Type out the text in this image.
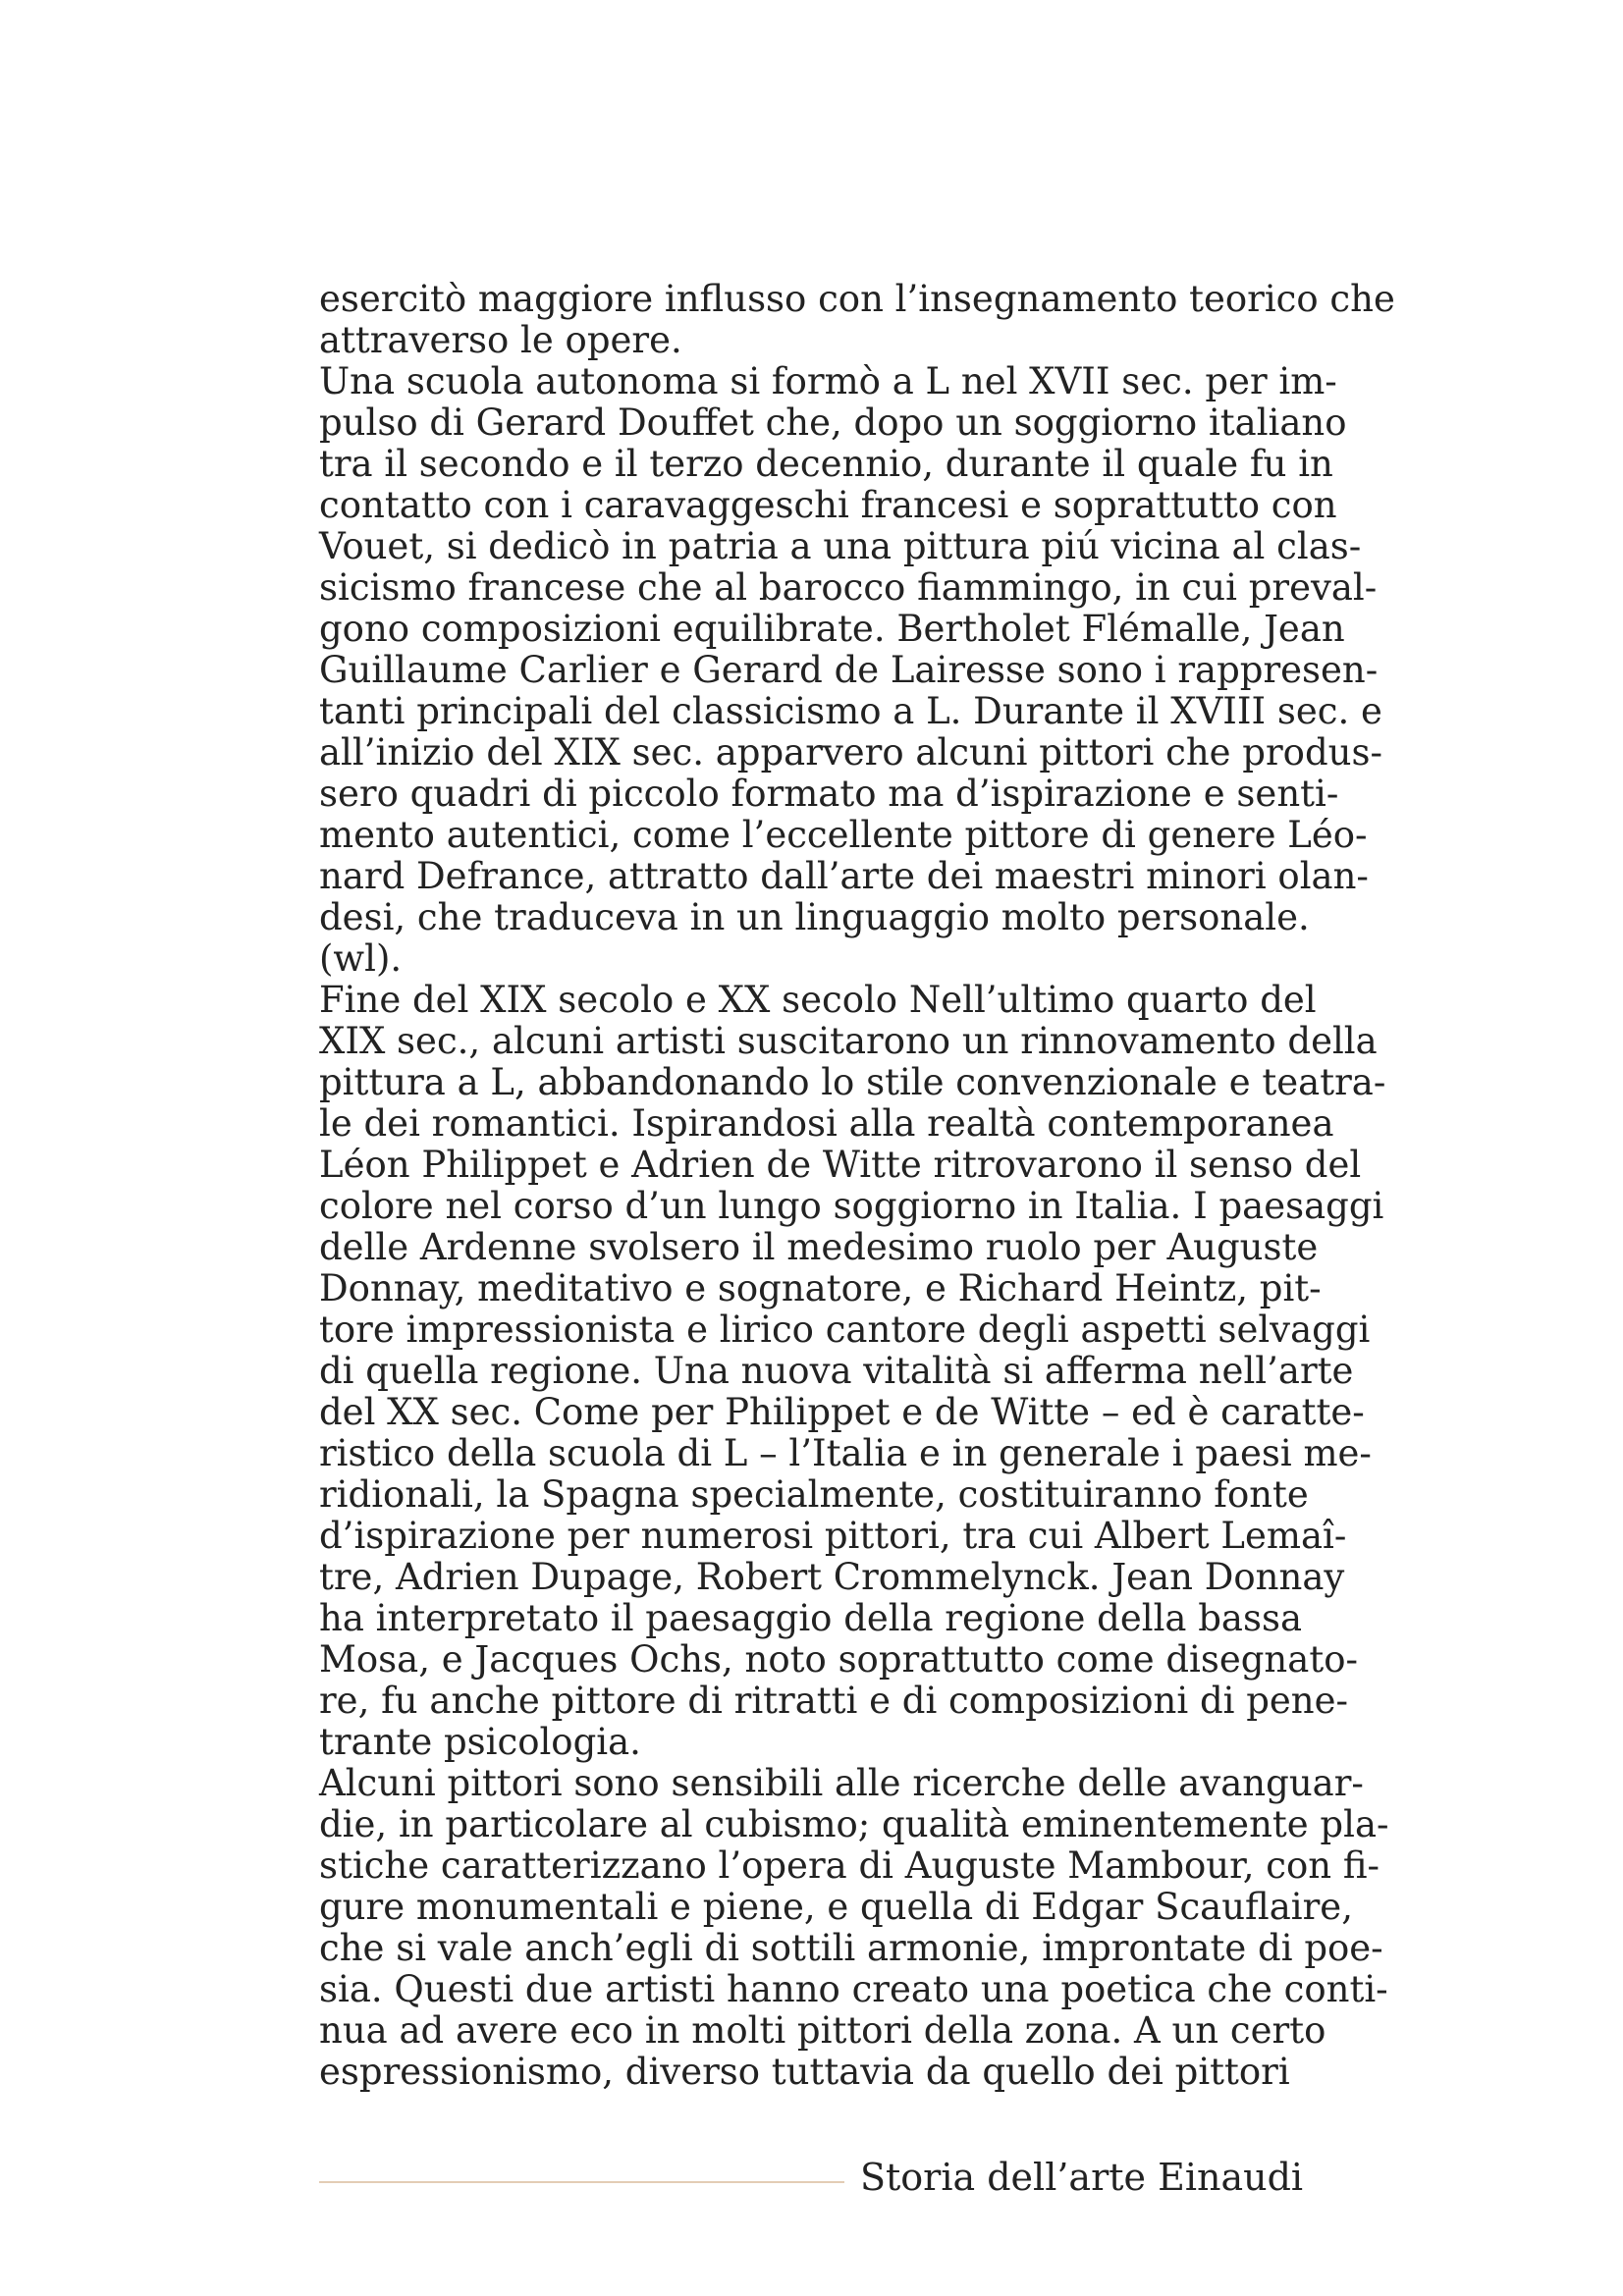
esercitò maggiore influsso con l’insegnamento teorico che
attraverso le opere.
Una scuola autonoma si formò a L nel XVII sec. per im-
pulso di Gerard Douffet che, dopo un soggiorno italiano
tra il secondo e il terzo decennio, durante il quale fu in
contatto con i caravaggeschi francesi e soprattutto con
Vouet, si dedicò in patria a una pittura piú vicina al clas-
sicismo francese che al barocco fiammingo, in cui preval-
gono composizioni equilibrate. Bertholet Flémalle, Jean
Guillaume Carlier e Gerard de Lairesse sono i rappresen-
tanti principali del classicismo a L. Durante il XVIII sec. e
all’inizio del XIX sec. apparvero alcuni pittori che produs-
sero quadri di piccolo formato ma d’ispirazione e senti-
mento autentici, come l’eccellente pittore di genere Léo-
nard Defrance, attratto dall’arte dei maestri minori olan-
desi, che traduceva in un linguaggio molto personale.
(wl).
Fine del XIX secolo e XX secolo Nell’ultimo quarto del
XIX sec., alcuni artisti suscitarono un rinnovamento della
pittura a L, abbandonando lo stile convenzionale e teatra-
le dei romantici. Ispirandosi alla realtà contemporanea
Léon Philippet e Adrien de Witte ritrovarono il senso del
colore nel corso d’un lungo soggiorno in Italia. I paesaggi
delle Ardenne svolsero il medesimo ruolo per Auguste
Donnay, meditativo e sognatore, e Richard Heintz, pit-
tore impressionista e lirico cantore degli aspetti selvaggi
di quella regione. Una nuova vitalità si afferma nell’arte
del XX sec. Come per Philippet e de Witte – ed è caratte-
ristico della scuola di L – l’Italia e in generale i paesi me-
ridionali, la Spagna specialmente, costituiranno fonte
d’ispirazione per numerosi pittori, tra cui Albert Lemaî-
tre, Adrien Dupage, Robert Crommelynck. Jean Donnay
ha interpretato il paesaggio della regione della bassa
Mosa, e Jacques Ochs, noto soprattutto come disegnato-
re, fu anche pittore di ritratti e di composizioni di pene-
trante psicologia.
Alcuni pittori sono sensibili alle ricerche delle avanguar-
die, in particolare al cubismo; qualità eminentemente pla-
stiche caratterizzano l’opera di Auguste Mambour, con fi-
gure monumentali e piene, e quella di Edgar Scauflaire,
che si vale anch’egli di sottili armonie, improntate di poe-
sia. Questi due artisti hanno creato una poetica che conti-
nua ad avere eco in molti pittori della zona. A un certo
espressionismo, diverso tuttavia da quello dei pittori
Storia dell’arte Einaudi
